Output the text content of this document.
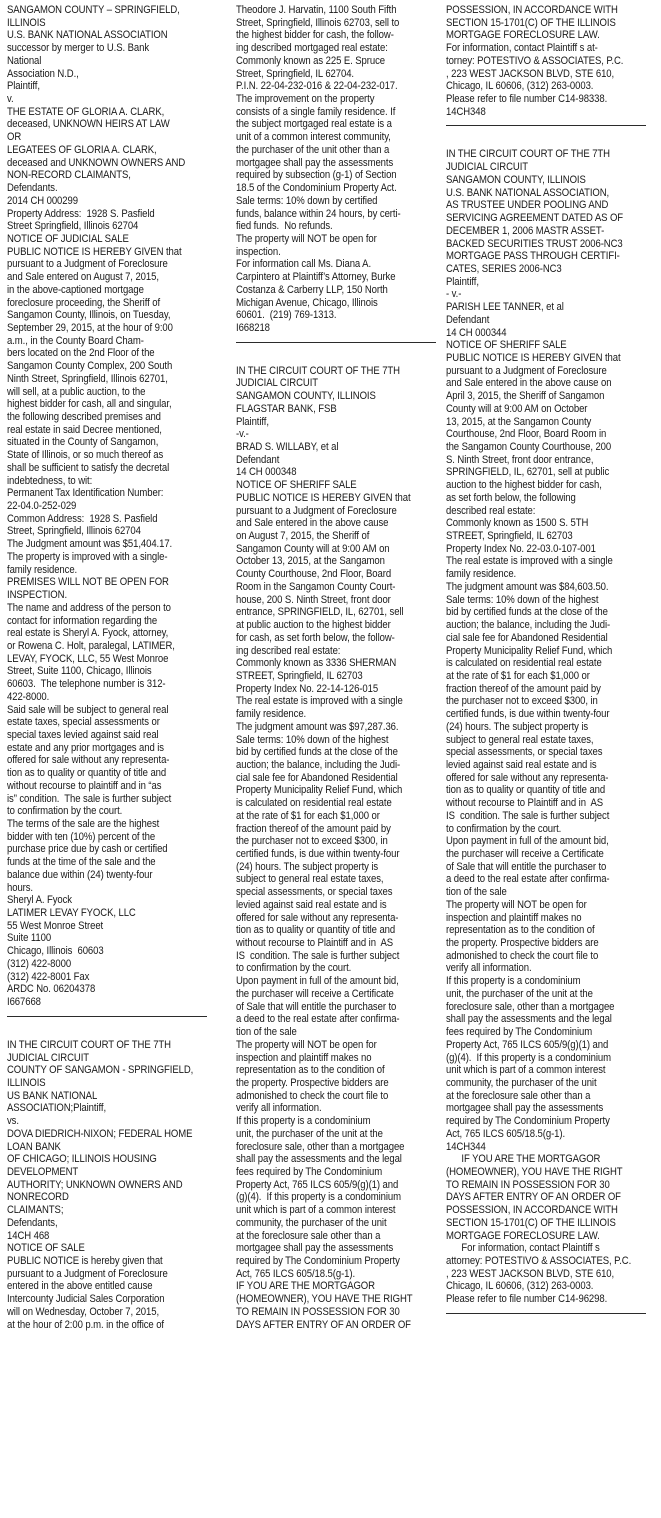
SANGAMON COUNTY – SPRINGFIELD,
ILLINOIS
U.S. BANK NATIONAL ASSOCIATION
successor by merger to U.S. Bank
National
Association N.D.,
Plaintiff,
v.
THE ESTATE OF GLORIA A. CLARK,
deceased, UNKNOWN HEIRS AT LAW
OR
LEGATEES OF GLORIA A. CLARK,
deceased and UNKNOWN OWNERS AND
NON-RECORD CLAIMANTS,
Defendants.
2014 CH 000299
Property Address:  1928 S. Pasfield
Street Springfield, Illinois 62704
NOTICE OF JUDICIAL SALE
PUBLIC NOTICE IS HEREBY GIVEN that
pursuant to a Judgment of Foreclosure
and Sale entered on August 7, 2015,
in the above-captioned mortgage
foreclosure proceeding, the Sheriff of
Sangamon County, Illinois, on Tuesday,
September 29, 2015, at the hour of 9:00
a.m., in the County Board Cham-
bers located on the 2nd Floor of the
Sangamon County Complex, 200 South
Ninth Street, Springfield, Illinois 62701,
will sell, at a public auction, to the
highest bidder for cash, all and singular,
the following described premises and
real estate in said Decree mentioned,
situated in the County of Sangamon,
State of Illinois, or so much thereof as
shall be sufficient to satisfy the decretal
indebtedness, to wit:
Permanent Tax Identification Number:
22-04.0-252-029
Common Address:  1928 S. Pasfield
Street, Springfield, Illinois 62704
The Judgment amount was $51,404.17.
The property is improved with a single-
family residence.
PREMISES WILL NOT BE OPEN FOR
INSPECTION.
The name and address of the person to
contact for information regarding the
real estate is Sheryl A. Fyock, attorney,
or Rowena C. Holt, paralegal, LATIMER,
LEVAY, FYOCK, LLC, 55 West Monroe
Street, Suite 1100, Chicago, Illinois
60603.  The telephone number is 312-
422-8000.
Said sale will be subject to general real
estate taxes, special assessments or
special taxes levied against said real
estate and any prior mortgages and is
offered for sale without any representa-
tion as to quality or quantity of title and
without recourse to plaintiff and in “as
is” condition.  The sale is further subject
to confirmation by the court.
The terms of the sale are the highest
bidder with ten (10%) percent of the
purchase price due by cash or certified
funds at the time of the sale and the
balance due within (24) twenty-four
hours.
Sheryl A. Fyock
LATIMER LEVAY FYOCK, LLC
55 West Monroe Street
Suite 1100
Chicago, Illinois  60603
(312) 422-8000
(312) 422-8001 Fax
ARDC No. 06204378
I667668
IN THE CIRCUIT COURT OF THE 7TH
JUDICIAL CIRCUIT
COUNTY OF SANGAMON - SPRINGFIELD,
ILLINOIS
US BANK NATIONAL
ASSOCIATION;Plaintiff,
vs.
DOVA DIEDRICH-NIXON; FEDERAL HOME
LOAN BANK
OF CHICAGO; ILLINOIS HOUSING
DEVELOPMENT
AUTHORITY; UNKNOWN OWNERS AND
NONRECORD
CLAIMANTS;
Defendants,
14CH 468
NOTICE OF SALE
PUBLIC NOTICE is hereby given that
pursuant to a Judgment of Foreclosure
entered in the above entitled cause
Intercounty Judicial Sales Corporation
will on Wednesday, October 7, 2015,
at the hour of 2:00 p.m. in the office of
Theodore J. Harvatin, 1100 South Fifth
Street, Springfield, Illinois 62703, sell to
the highest bidder for cash, the follow-
ing described mortgaged real estate:
Commonly known as 225 E. Spruce
Street, Springfield, IL 62704.
P.I.N. 22-04-232-016 & 22-04-232-017.
The improvement on the property
consists of a single family residence. If
the subject mortgaged real estate is a
unit of a common interest community,
the purchaser of the unit other than a
mortgagee shall pay the assessments
required by subsection (g-1) of Section
18.5 of the Condominium Property Act.
Sale terms: 10% down by certified
funds, balance within 24 hours, by certi-
fied funds.  No refunds.
The property will NOT be open for
inspection.
For information call Ms. Diana A.
Carpintero at Plaintiff’s Attorney, Burke
Costanza & Carberry LLP, 150 North
Michigan Avenue, Chicago, Illinois
60601.  (219) 769-1313.
I668218
IN THE CIRCUIT COURT OF THE 7TH
JUDICIAL CIRCUIT
SANGAMON COUNTY, ILLINOIS
FLAGSTAR BANK, FSB
Plaintiff,
-v.-
BRAD S. WILLABY, et al
Defendant
14 CH 000348
NOTICE OF SHERIFF SALE
PUBLIC NOTICE IS HEREBY GIVEN that
pursuant to a Judgment of Foreclosure
and Sale entered in the above cause
on August 7, 2015, the Sheriff of
Sangamon County will at 9:00 AM on
October 13, 2015, at the Sangamon
County Courthouse, 2nd Floor, Board
Room in the Sangamon County Court-
house, 200 S. Ninth Street, front door
entrance, SPRINGFIELD, IL, 62701, sell
at public auction to the highest bidder
for cash, as set forth below, the follow-
ing described real estate:
Commonly known as 3336 SHERMAN
STREET, Springfield, IL 62703
Property Index No. 22-14-126-015
The real estate is improved with a single
family residence.
The judgment amount was $97,287.36.
Sale terms: 10% down of the highest
bid by certified funds at the close of the
auction; the balance, including the Judi-
cial sale fee for Abandoned Residential
Property Municipality Relief Fund, which
is calculated on residential real estate
at the rate of $1 for each $1,000 or
fraction thereof of the amount paid by
the purchaser not to exceed $300, in
certified funds, is due within twenty-four
(24) hours. The subject property is
subject to general real estate taxes,
special assessments, or special taxes
levied against said real estate and is
offered for sale without any representa-
tion as to quality or quantity of title and
without recourse to Plaintiff and in  AS
IS  condition. The sale is further subject
to confirmation by the court.
Upon payment in full of the amount bid,
the purchaser will receive a Certificate
of Sale that will entitle the purchaser to
a deed to the real estate after confirma-
tion of the sale
The property will NOT be open for
inspection and plaintiff makes no
representation as to the condition of
the property. Prospective bidders are
admonished to check the court file to
verify all information.
If this property is a condominium
unit, the purchaser of the unit at the
foreclosure sale, other than a mortgagee
shall pay the assessments and the legal
fees required by The Condominium
Property Act, 765 ILCS 605/9(g)(1) and
(g)(4).  If this property is a condominium
unit which is part of a common interest
community, the purchaser of the unit
at the foreclosure sale other than a
mortgagee shall pay the assessments
required by The Condominium Property
Act, 765 ILCS 605/18.5(g-1).
IF YOU ARE THE MORTGAGOR
(HOMEOWNER), YOU HAVE THE RIGHT
TO REMAIN IN POSSESSION FOR 30
DAYS AFTER ENTRY OF AN ORDER OF
POSSESSION, IN ACCORDANCE WITH
SECTION 15-1701(C) OF THE ILLINOIS
MORTGAGE FORECLOSURE LAW.
For information, contact Plaintiff s at-
torney: POTESTIVO & ASSOCIATES, P.C.
, 223 WEST JACKSON BLVD, STE 610,
Chicago, IL 60606, (312) 263-0003.
Please refer to file number C14-98338.
14CH348
IN THE CIRCUIT COURT OF THE 7TH
JUDICIAL CIRCUIT
SANGAMON COUNTY, ILLINOIS
U.S. BANK NATIONAL ASSOCIATION,
AS TRUSTEE UNDER POOLING AND
SERVICING AGREEMENT DATED AS OF
DECEMBER 1, 2006 MASTR ASSET-
BACKED SECURITIES TRUST 2006-NC3
MORTGAGE PASS THROUGH CERTIFI-
CATES, SERIES 2006-NC3
Plaintiff,
- v.-
PARISH LEE TANNER, et al
Defendant
14 CH 000344
NOTICE OF SHERIFF SALE
PUBLIC NOTICE IS HEREBY GIVEN that
pursuant to a Judgment of Foreclosure
and Sale entered in the above cause on
April 3, 2015, the Sheriff of Sangamon
County will at 9:00 AM on October
13, 2015, at the Sangamon County
Courthouse, 2nd Floor, Board Room in
the Sangamon County Courthouse, 200
S. Ninth Street, front door entrance,
SPRINGFIELD, IL, 62701, sell at public
auction to the highest bidder for cash,
as set forth below, the following
described real estate:
Commonly known as 1500 S. 5TH
STREET, Springfield, IL 62703
Property Index No. 22-03.0-107-001
The real estate is improved with a single
family residence.
The judgment amount was $84,603.50.
Sale terms: 10% down of the highest
bid by certified funds at the close of the
auction; the balance, including the Judi-
cial sale fee for Abandoned Residential
Property Municipality Relief Fund, which
is calculated on residential real estate
at the rate of $1 for each $1,000 or
fraction thereof of the amount paid by
the purchaser not to exceed $300, in
certified funds, is due within twenty-four
(24) hours. The subject property is
subject to general real estate taxes,
special assessments, or special taxes
levied against said real estate and is
offered for sale without any representa-
tion as to quality or quantity of title and
without recourse to Plaintiff and in  AS
IS  condition. The sale is further subject
to confirmation by the court.
Upon payment in full of the amount bid,
the purchaser will receive a Certificate
of Sale that will entitle the purchaser to
a deed to the real estate after confirma-
tion of the sale
The property will NOT be open for
inspection and plaintiff makes no
representation as to the condition of
the property. Prospective bidders are
admonished to check the court file to
verify all information.
If this property is a condominium
unit, the purchaser of the unit at the
foreclosure sale, other than a mortgagee
shall pay the assessments and the legal
fees required by The Condominium
Property Act, 765 ILCS 605/9(g)(1) and
(g)(4).  If this property is a condominium
unit which is part of a common interest
community, the purchaser of the unit
at the foreclosure sale other than a
mortgagee shall pay the assessments
required by The Condominium Property
Act, 765 ILCS 605/18.5(g-1).
14CH344
IF YOU ARE THE MORTGAGOR
(HOMEOWNER), YOU HAVE THE RIGHT
TO REMAIN IN POSSESSION FOR 30
DAYS AFTER ENTRY OF AN ORDER OF
POSSESSION, IN ACCORDANCE WITH
SECTION 15-1701(C) OF THE ILLINOIS
MORTGAGE FORECLOSURE LAW.
For information, contact Plaintiff s
attorney: POTESTIVO & ASSOCIATES, P.C.
, 223 WEST JACKSON BLVD, STE 610,
Chicago, IL 60606, (312) 263-0003.
Please refer to file number C14-96298.
